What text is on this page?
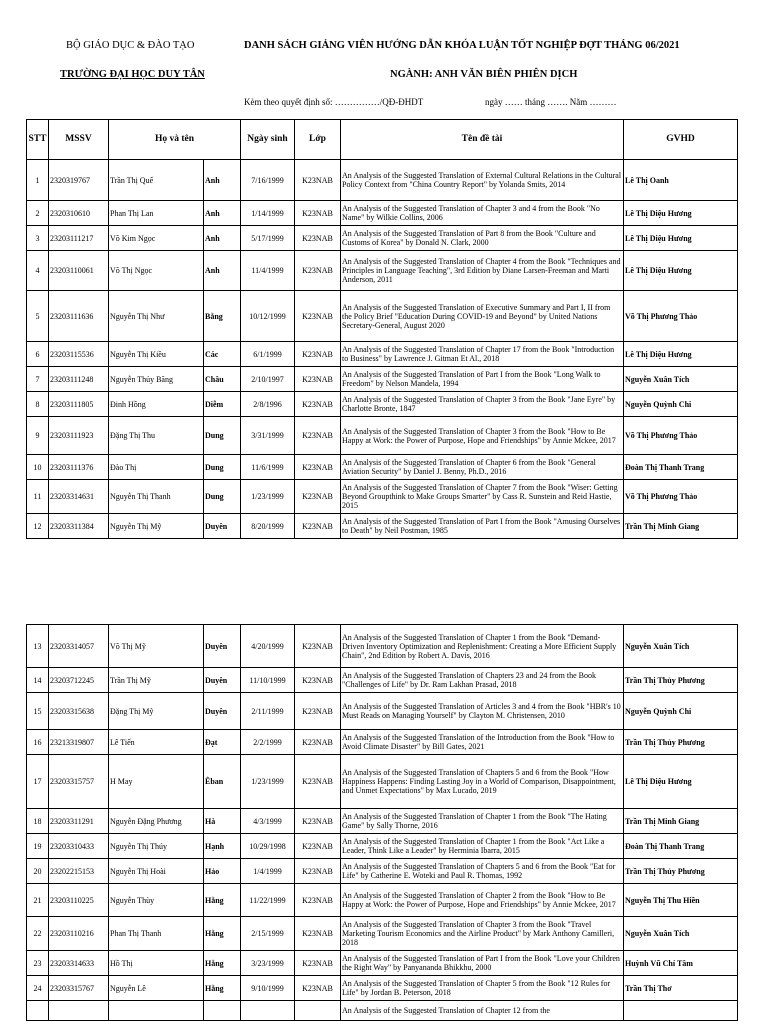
BỘ GIÁO DỤC & ĐÀO TẠO
TRƯỜNG ĐẠI HỌC DUY TÂN
DANH SÁCH GIẢNG VIÊN HƯỚNG DẪN KHÓA LUẬN TỐT NGHIỆP ĐỢT THÁNG 06/2021
NGÀNH: ANH VĂN BIÊN PHIÊN DỊCH
Kèm theo quyết định số: ……………/QĐ-ĐHDT	ngày …… tháng ……. Năm ………
STT	MSSV	Họ và tên		Ngày sinh	Lớp	Tên đề tài	GVHD
1	2320319767	Trần Thị Quế	Anh	7/16/1999	K23NAB	An Analysis of the Suggested Translation of External Cultural Relations in the Cultural Policy Context from "China Country Report" by Yolanda Smits, 2014	Lê Thị Oanh
2	2320310610	Phan Thị Lan	Anh	1/14/1999	K23NAB	An Analysis of the Suggested Translation of Chapter 3 and 4 from the Book "No Name" by Wilkie Collins, 2006	Lê Thị Diệu Hương
3	23203111217	Võ Kim Ngọc	Anh	5/17/1999	K23NAB	An Analysis of the Suggested Translation of Part 8 from the Book "Culture and Customs of Korea" by Donald N. Clark, 2000	Lê Thị Diệu Hương
4	23203110061	Võ Thị Ngọc	Anh	11/4/1999	K23NAB	An Analysis of the Suggested Translation of Chapter 4 from the Book "Techniques and Principles in Language Teaching", 3rd Edition by Diane Larsen-Freeman and Marti Anderson, 2011	Lê Thị Diệu Hương
5	23203111636	Nguyễn Thị Như	Bằng	10/12/1999	K23NAB	An Analysis of the Suggested Translation of Executive Summary and Part I, II from the Policy Brief "Education During COVID-19 and Beyond" by United Nations Secretary-General, August 2020	Võ Thị Phương Thảo
6	23203115536	Nguyễn Thị Kiều	Các	6/1/1999	K23NAB	An Analysis of the Suggested Translation of Chapter 17 from the Book "Introduction to Business" by Lawrence J. Gitman Et Al., 2018	Lê Thị Diệu Hương
7	23203111248	Nguyễn Thủy Băng	Châu	2/10/1997	K23NAB	An Analysis of the Suggested Translation of Part I from the Book "Long Walk to Freedom" by Nelson Mandela, 1994	Nguyễn Xuân Tích
8	23203111805	Đinh Hồng	Diễm	2/8/1996	K23NAB	An Analysis of the Suggested Translation of Chapter 3 from the Book "Jane Eyre" by Charlotte Bronte, 1847	Nguyễn Quỳnh Chi
9	23203111923	Đặng Thị Thu	Dung	3/31/1999	K23NAB	An Analysis of the Suggested Translation of Chapter 3 from the Book "How to Be Happy at Work: the Power of Purpose, Hope and Friendships" by Annie Mckee, 2017	Võ Thị Phương Thảo
10	23203111376	Đào Thị	Dung	11/6/1999	K23NAB	An Analysis of the Suggested Translation of Chapter 6 from the Book "General Aviation Security" by Daniel J. Benny, Ph.D., 2016	Đoàn Thị Thanh Trang
11	23203314631	Nguyễn Thị Thanh	Dung	1/23/1999	K23NAB	An Analysis of the Suggested Translation of Chapter 7 from the Book "Wiser: Getting Beyond Groupthink to Make Groups Smarter" by Cass R. Sunstein and Reid Hastie, 2015	Võ Thị Phương Thảo
12	23203311384	Nguyễn Thị Mỹ	Duyên	8/20/1999	K23NAB	An Analysis of the Suggested Translation of Part I from the Book "Amusing Ourselves to Death" by Neil Postman, 1985	Trần Thị Minh Giang
13	23203314057	Võ Thị Mỹ	Duyên	4/20/1999	K23NAB	An Analysis of the Suggested Translation of Chapter 1 from the Book "Demand-Driven Inventory Optimization and Replenishment: Creating a More Efficient Supply Chain", 2nd Edition by Robert A. Davis, 2016	Nguyễn Xuân Tích
14	23203712245	Trần Thị Mỹ	Duyên	11/10/1999	K23NAB	An Analysis of the Suggested Translation of Chapters 23 and 24 from the Book "Challenges of Life" by Dr. Ram Lakhan Prasad, 2018	Trần Thị Thủy Phương
15	23203315638	Đặng Thị Mỹ	Duyên	2/11/1999	K23NAB	An Analysis of the Suggested Translation of Articles 3 and 4 from the Book "HBR's 10 Must Reads on Managing Yourself" by Clayton M. Christensen, 2010	Nguyễn Quỳnh Chi
16	23213319807	Lê Tiến	Đạt	2/2/1999	K23NAB	An Analysis of the Suggested Translation of the Introduction from the Book "How to Avoid Climate Disaster" by Bill Gates, 2021	Trần Thị Thủy Phương
17	23203315757	H May	Êban	1/23/1999	K23NAB	An Analysis of the Suggested Translation of Chapters 5 and 6 from the Book "How Happiness Happens: Finding Lasting Joy in a World of Comparison, Disappointment, and Unmet Expectations" by Max Lucado, 2019	Lê Thị Diệu Hương
18	23203311291	Nguyễn Đặng Phương	Hà	4/3/1999	K23NAB	An Analysis of the Suggested Translation of Chapter 1 from the Book "The Hating Game" by Sally Thorne, 2016	Trần Thị Minh Giang
19	23203310433	Nguyễn Thị Thúy	Hạnh	10/29/1998	K23NAB	An Analysis of the Suggested Translation of Chapter 1 from the Book "Act Like a Leader, Think Like a Leader" by Herminia Ibarra, 2015	Đoàn Thị Thanh Trang
20	23202215153	Nguyễn Thị Hoài	Hảo	1/4/1999	K23NAB	An Analysis of the Suggested Translation of Chapters 5 and 6 from the Book "Eat for Life" by Catherine E. Woteki and Paul R. Thomas, 1992	Trần Thị Thủy Phương
21	23203110225	Nguyễn Thùy	Hằng	11/22/1999	K23NAB	An Analysis of the Suggested Translation of Chapter 2 from the Book "How to Be Happy at Work: the Power of Purpose, Hope and Friendships" by Annie Mckee, 2017	Nguyễn Thị Thu Hiền
22	23203110216	Phan Thị Thanh	Hằng	2/15/1999	K23NAB	An Analysis of the Suggested Translation of Chapter 3 from the Book "Travel Marketing Tourism Economics and the Airline Product" by Mark Anthony Camilleri, 2018	Nguyễn Xuân Tích
23	23203314633	Hồ Thị	Hằng	3/23/1999	K23NAB	An Analysis of the Suggested Translation of Part I from the Book "Love your Children the Right Way" by Panyananda Bhikkhu, 2000	Huỳnh Vũ Chí Tâm
24	23203315767	Nguyễn Lê	Hằng	9/10/1999	K23NAB	An Analysis of the Suggested Translation of Chapter 5 from the Book "12 Rules for Life" by Jordan B. Peterson, 2018	Trần Thị Thơ
						An Analysis of the Suggested Translation of Chapter 12 from the	
